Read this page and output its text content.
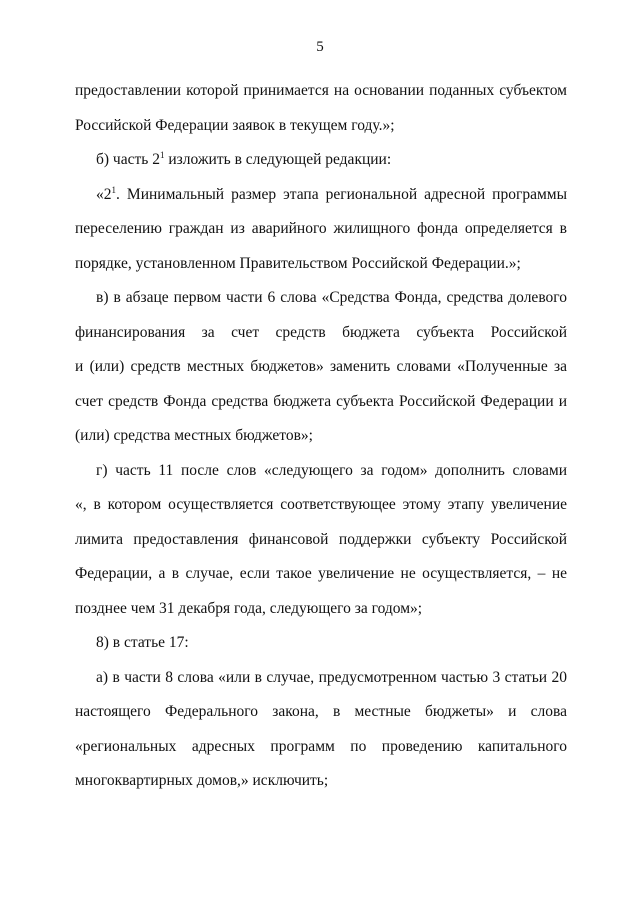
5
предоставлении которой принимается на основании поданных субъектом
Российской Федерации заявок в текущем году.»;
б) часть $2^1$ изложить в следующей редакции:
«$2^1$. Минимальный размер этапа региональной адресной программы
переселению граждан из аварийного жилищного фонда определяется в
порядке, установленном Правительством Российской Федерации.»;
в) в абзаце первом части 6 слова «Средства Фонда, средства долевого
финансирования за счет средств бюджета субъекта Российской
и (или) средств местных бюджетов» заменить словами «Полученные за
счет средств Фонда средства бюджета субъекта Российской Федерации и
(или) средства местных бюджетов»;
г) часть 11 после слов «следующего за годом» дополнить словами
«, в котором осуществляется соответствующее этому этапу увеличение
лимита предоставления финансовой поддержки субъекту Российской
Федерации, а в случае, если такое увеличение не осуществляется, – не
позднее чем 31 декабря года, следующего за годом»;
8) в статье 17:
а) в части 8 слова «или в случае, предусмотренном частью 3 статьи 20
настоящего Федерального закона, в местные бюджеты» и слова
«региональных адресных программ по проведению капитального
многоквартирных домов,» исключить;
